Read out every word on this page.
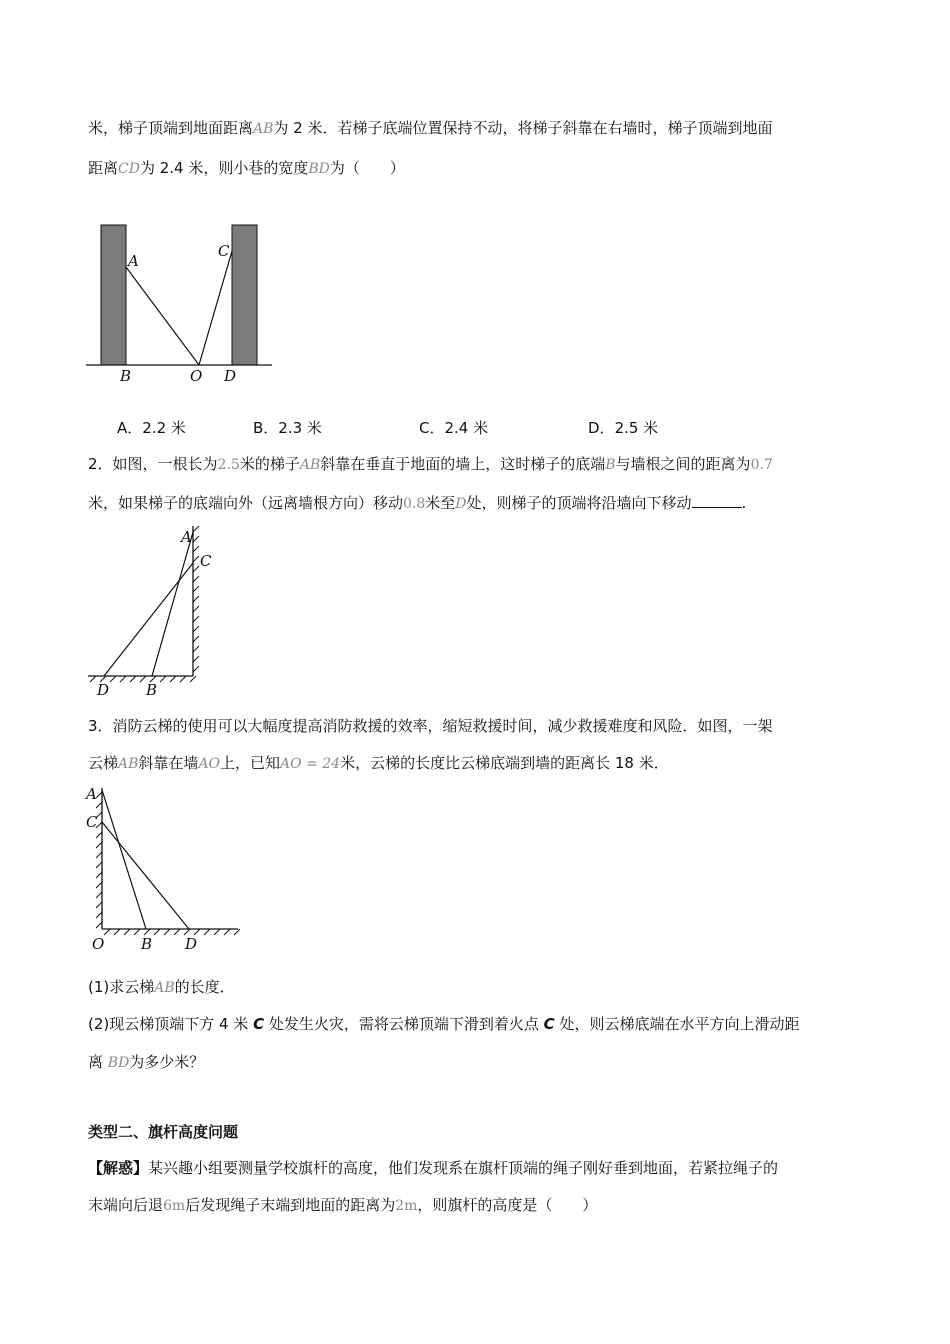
米，梯子顶端到地面距离AB为 2 米．若梯子底端位置保持不动，将梯子斜靠在右墙时，梯子顶端到地面
距离CD为 2.4 米，则小巷的宽度BD为（　　）
A
C
B	O D
A．2.2 米	B．2.3 米	C．2.4 米	D．2.5 米
2．如图，一根长为2.5米的梯子AB斜靠在垂直于地面的墙上，这时梯子的底端B与墙根之间的距离为0.7
米，如果梯子的底端向外（远离墙根方向）移动0.8米至D处，则梯子的顶端将沿墙向下移动	.
A
C
D B
3．消防云梯的使用可以大幅度提高消防救援的效率，缩短救援时间，减少救援难度和风险．如图，一架
云梯AB斜靠在墙AO上，已知AO = 24米，云梯的长度比云梯底端到墙的距离长 18 米．
A
C
O B D
(1)求云梯AB的长度．
(2)现云梯顶端下方 4 米 C 处发生火灾，需将云梯顶端下滑到着火点 C 处，则云梯底端在水平方向上滑动距
离 BD为多少米？
类型二、旗杆高度问题
【解惑】某兴趣小组要测量学校旗杆的高度，他们发现系在旗杆顶端的绳子刚好垂到地面，若紧拉绳子的
末端向后退6m后发现绳子末端到地面的距离为2m，则旗杆的高度是（　　）
